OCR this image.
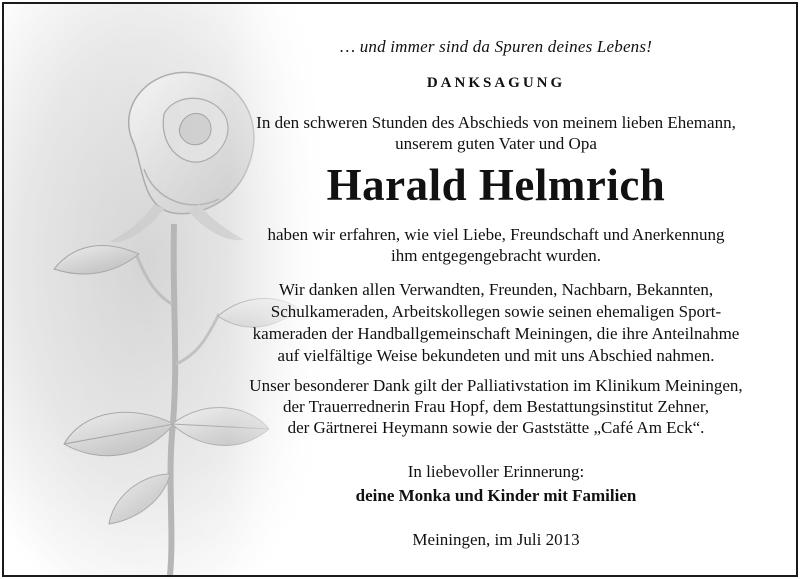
… und immer sind da Spuren deines Lebens!
DANKSAGUNG
In den schweren Stunden des Abschieds von meinem lieben Ehemann,
unserem guten Vater und Opa
Harald Helmrich
haben wir erfahren, wie viel Liebe, Freundschaft und Anerkennung
ihm entgegengebracht wurden.
Wir danken allen Verwandten, Freunden, Nachbarn, Bekannten,
Schulkameraden, Arbeitskollegen sowie seinen ehemaligen Sport-
kameraden der Handballgemeinschaft Meiningen, die ihre Anteilnahme
auf vielfältige Weise bekundeten und mit uns Abschied nahmen.
Unser besonderer Dank gilt der Palliativstation im Klinikum Meiningen,
der Trauerrednerin Frau Hopf, dem Bestattungsinstitut Zehner,
der Gärtnerei Heymann sowie der Gaststätte „Café Am Eck“.
In liebevoller Erinnerung:
deine Monka und Kinder mit Familien
Meiningen, im Juli 2013
